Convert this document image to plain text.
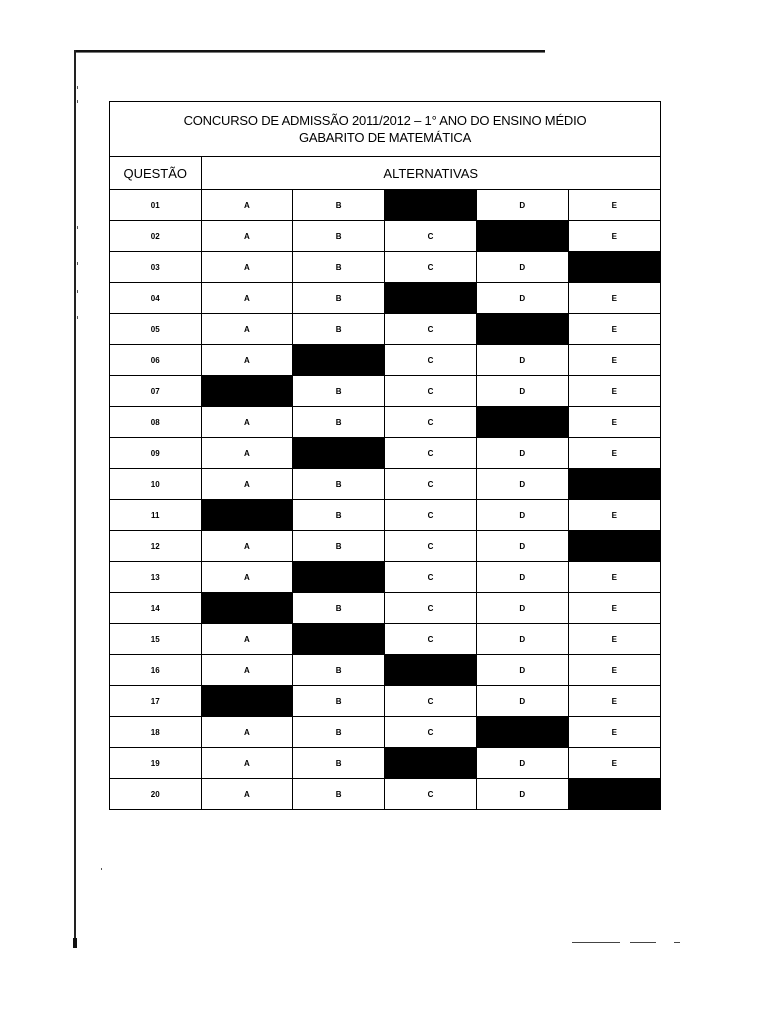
CONCURSO DE ADMISSÃO 2011/2012 – 1° ANO DO ENSINO MÉDIO
GABARITO DE MATEMÁTICA
QUESTÃO	ALTERNATIVAS				
01	A	B		D	E
02	A	B	C		E
03	A	B	C	D	
04	A	B		D	E
05	A	B	C		E
06	A		C	D	E
07		B	C	D	E
08	A	B	C		E
09	A		C	D	E
10	A	B	C	D	
11		B	C	D	E
12	A	B	C	D	
13	A		C	D	E
14		B	C	D	E
15	A		C	D	E
16	A	B		D	E
17		B	C	D	E
18	A	B	C		E
19	A	B		D	E
20	A	B	C	D	
